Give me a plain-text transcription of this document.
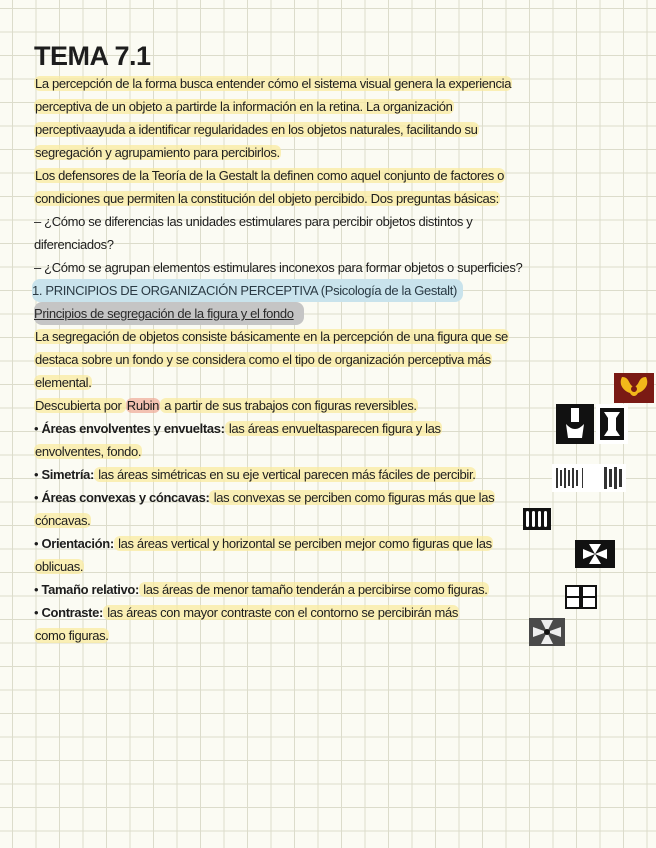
TEMA 7.1
La percepción de la forma busca entender cómo el sistema visual genera la experiencia
perceptiva de un objeto a partirde la información en la retina. La organización
perceptivaayuda a identificar regularidades en los objetos naturales, facilitando su
segregación y agrupamiento para percibirlos.
Los defensores de la Teoría de la Gestalt la definen como aquel conjunto de factores o
condiciones que permiten la constitución del objeto percibido. Dos preguntas básicas:
– ¿Cómo se diferencias las unidades estimulares para percibir objetos distintos y
diferenciados?
– ¿Cómo se agrupan elementos estimulares inconexos para formar objetos o superficies?
1. PRINCIPIOS DE ORGANIZACIÓN PERCEPTIVA (Psicología de la Gestalt)
Principios de segregación de la figura y el fondo
La segregación de objetos consiste básicamente en la percepción de una figura que se
destaca sobre un fondo y se considera como el tipo de organización perceptiva más
elemental.
Descubierta por Rubin a partir de sus trabajos con figuras reversibles.
• Áreas envolventes y envueltas: las áreas envueltasparecen figura y las
envolventes, fondo.
• Simetría: las áreas simétricas en su eje vertical parecen más fáciles de percibir.
• Áreas convexas y cóncavas: las convexas se perciben como figuras más que las
cóncavas.
• Orientación: las áreas vertical y horizontal se perciben mejor como figuras que las
oblicuas.
• Tamaño relativo: las áreas de menor tamaño tenderán a percibirse como figuras.
• Contraste: las áreas con mayor contraste con el contorno se percibirán más
como figuras.
